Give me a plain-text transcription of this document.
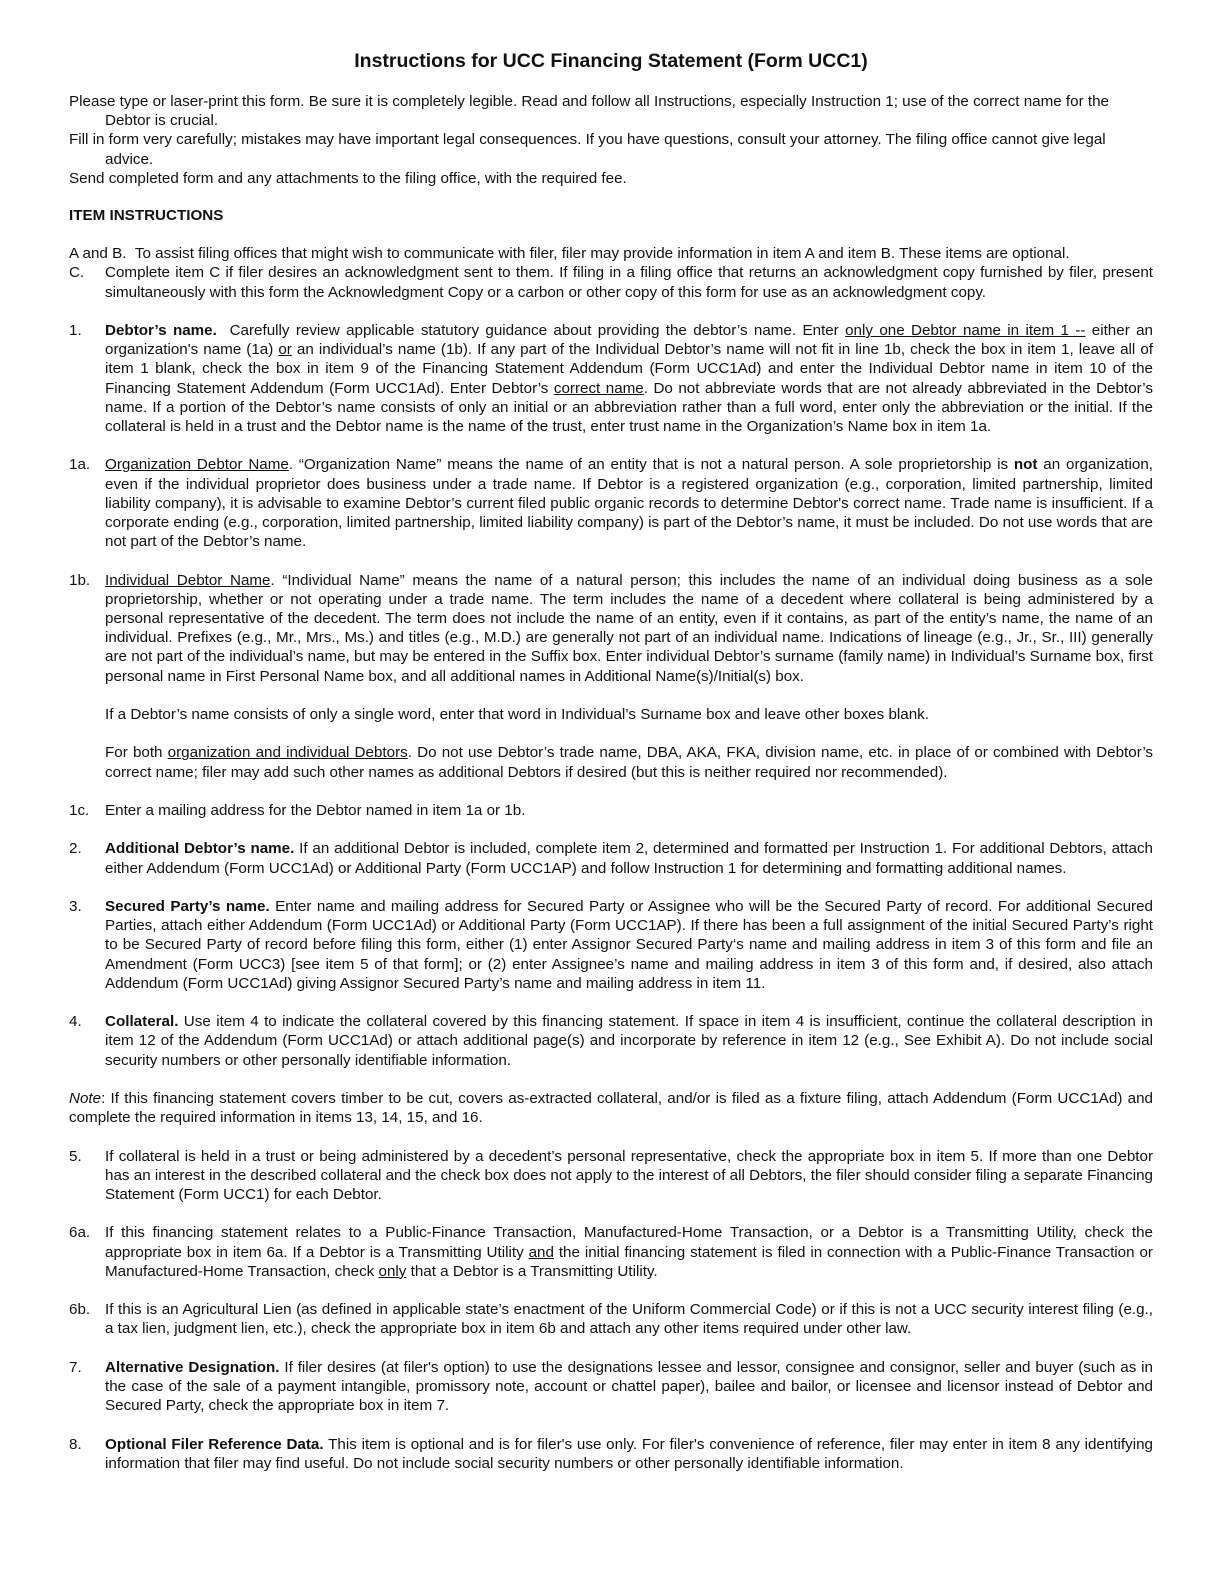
Instructions for UCC Financing Statement (Form UCC1)

Please type or laser-print this form. Be sure it is completely legible. Read and follow all Instructions, especially Instruction 1; use of the correct name for the Debtor is crucial.

Fill in form very carefully; mistakes may have important legal consequences. If you have questions, consult your attorney. The filing office cannot give legal advice.

Send completed form and any attachments to the filing office, with the required fee.

ITEM INSTRUCTIONS

A and B. To assist filing offices that might wish to communicate with filer, filer may provide information in item A and item B. These items are optional.

C.	Complete item C if filer desires an acknowledgment sent to them. If filing in a filing office that returns an acknowledgment copy furnished by filer, present simultaneously with this form the Acknowledgment Copy or a carbon or other copy of this form for use as an acknowledgment copy.

1.	Debtor’s name. Carefully review applicable statutory guidance about providing the debtor’s name. Enter only one Debtor name in item 1 -- either an organization's name (1a) or an individual’s name (1b). If any part of the Individual Debtor’s name will not fit in line 1b, check the box in item 1, leave all of item 1 blank, check the box in item 9 of the Financing Statement Addendum (Form UCC1Ad) and enter the Individual Debtor name in item 10 of the Financing Statement Addendum (Form UCC1Ad). Enter Debtor’s correct name. Do not abbreviate words that are not already abbreviated in the Debtor’s name. If a portion of the Debtor’s name consists of only an initial or an abbreviation rather than a full word, enter only the abbreviation or the initial. If the collateral is held in a trust and the Debtor name is the name of the trust, enter trust name in the Organization’s Name box in item 1a.

1a. Organization Debtor Name. “Organization Name” means the name of an entity that is not a natural person. A sole proprietorship is not an organization, even if the individual proprietor does business under a trade name. If Debtor is a registered organization (e.g., corporation, limited partnership, limited liability company), it is advisable to examine Debtor’s current filed public organic records to determine Debtor's correct name. Trade name is insufficient. If a corporate ending (e.g., corporation, limited partnership, limited liability company) is part of the Debtor’s name, it must be included. Do not use words that are not part of the Debtor’s name.

1b. Individual Debtor Name. “Individual Name” means the name of a natural person; this includes the name of an individual doing business as a sole proprietorship, whether or not operating under a trade name. The term includes the name of a decedent where collateral is being administered by a personal representative of the decedent. The term does not include the name of an entity, even if it contains, as part of the entity’s name, the name of an individual. Prefixes (e.g., Mr., Mrs., Ms.) and titles (e.g., M.D.) are generally not part of an individual name. Indications of lineage (e.g., Jr., Sr., III) generally are not part of the individual’s name, but may be entered in the Suffix box. Enter individual Debtor’s surname (family name) in Individual’s Surname box, first personal name in First Personal Name box, and all additional names in Additional Name(s)/Initial(s) box.

If a Debtor’s name consists of only a single word, enter that word in Individual’s Surname box and leave other boxes blank.

For both organization and individual Debtors. Do not use Debtor’s trade name, DBA, AKA, FKA, division name, etc. in place of or combined with Debtor’s correct name; filer may add such other names as additional Debtors if desired (but this is neither required nor recommended).

1c.	Enter a mailing address for the Debtor named in item 1a or 1b.

2.	Additional Debtor’s name. If an additional Debtor is included, complete item 2, determined and formatted per Instruction 1. For additional Debtors, attach either Addendum (Form UCC1Ad) or Additional Party (Form UCC1AP) and follow Instruction 1 for determining and formatting additional names.

3.	Secured Party’s name. Enter name and mailing address for Secured Party or Assignee who will be the Secured Party of record. For additional Secured Parties, attach either Addendum (Form UCC1Ad) or Additional Party (Form UCC1AP). If there has been a full assignment of the initial Secured Party’s right to be Secured Party of record before filing this form, either (1) enter Assignor Secured Party‘s name and mailing address in item 3 of this form and file an Amendment (Form UCC3) [see item 5 of that form]; or (2) enter Assignee’s name and mailing address in item 3 of this form and, if desired, also attach Addendum (Form UCC1Ad) giving Assignor Secured Party’s name and mailing address in item 11.

4.	Collateral. Use item 4 to indicate the collateral covered by this financing statement. If space in item 4 is insufficient, continue the collateral description in item 12 of the Addendum (Form UCC1Ad) or attach additional page(s) and incorporate by reference in item 12 (e.g., See Exhibit A). Do not include social security numbers or other personally identifiable information.

Note: If this financing statement covers timber to be cut, covers as-extracted collateral, and/or is filed as a fixture filing, attach Addendum (Form UCC1Ad) and complete the required information in items 13, 14, 15, and 16.

5.	If collateral is held in a trust or being administered by a decedent’s personal representative, check the appropriate box in item 5. If more than one Debtor has an interest in the described collateral and the check box does not apply to the interest of all Debtors, the filer should consider filing a separate Financing Statement (Form UCC1) for each Debtor.

6a. If this financing statement relates to a Public-Finance Transaction, Manufactured-Home Transaction, or a Debtor is a Transmitting Utility, check the appropriate box in item 6a. If a Debtor is a Transmitting Utility and the initial financing statement is filed in connection with a Public-Finance Transaction or Manufactured-Home Transaction, check only that a Debtor is a Transmitting Utility.

6b. If this is an Agricultural Lien (as defined in applicable state’s enactment of the Uniform Commercial Code) or if this is not a UCC security interest filing (e.g., a tax lien, judgment lien, etc.), check the appropriate box in item 6b and attach any other items required under other law.

7.	Alternative Designation. If filer desires (at filer's option) to use the designations lessee and lessor, consignee and consignor, seller and buyer (such as in the case of the sale of a payment intangible, promissory note, account or chattel paper), bailee and bailor, or licensee and licensor instead of Debtor and Secured Party, check the appropriate box in item 7.

8.	Optional Filer Reference Data. This item is optional and is for filer's use only. For filer's convenience of reference, filer may enter in item 8 any identifying information that filer may find useful. Do not include social security numbers or other personally identifiable information.
